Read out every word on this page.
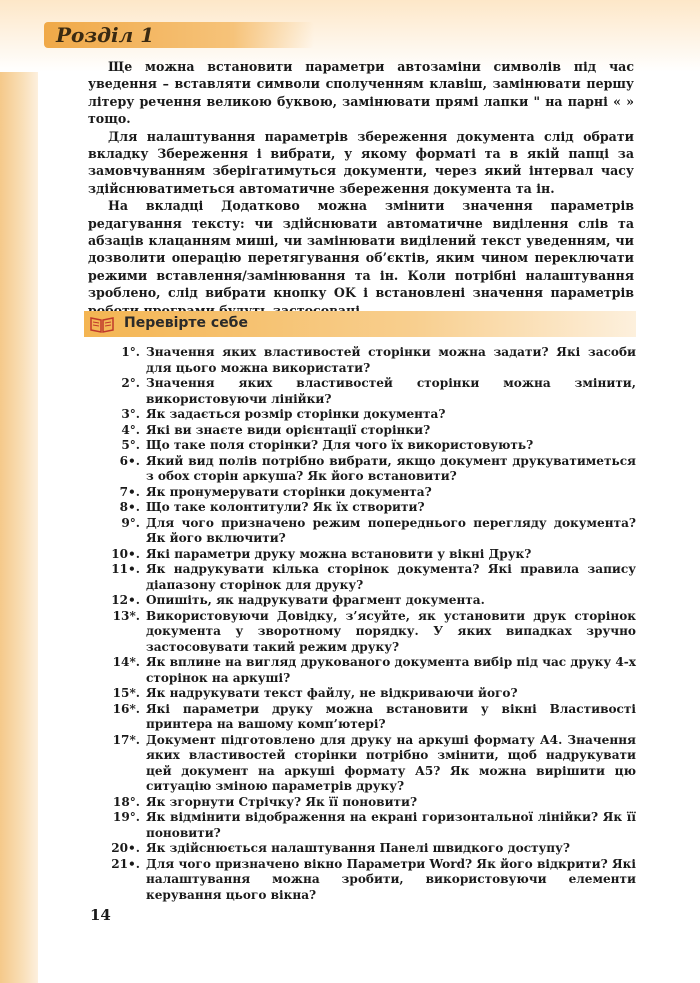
Розділ 1

Ще можна встановити параметри автозаміни символів під час уведення – вставляти символи сполученням клавіш, замінювати першу літеру речення великою буквою, замінювати прямі лапки " на парні « » тощо.

Для налаштування параметрів збереження документа слід обрати вкладку Збереження і вибрати, у якому форматі та в якій папці за замовчуванням зберігатимуться документи, через який інтервал часу здійснюватиметься автоматичне збереження документа та ін.

На вкладці Додатково можна змінити значення параметрів редагування тексту: чи здійснювати автоматичне виділення слів та абзаців клацанням миші, чи замінювати виділений текст уведенням, чи дозволити операцію перетягування об’єктів, яким чином переключати режими вставлення/замінювання та ін. Коли потрібні налаштування зроблено, слід вибрати кнопку OK і встановлені значення параметрів

Перевірте себе
1°. Значення яких властивостей сторінки можна задати? Які засоби для цього можна використати?
2°. Значення яких властивостей сторінки можна змінити, використовуючи лінійки?
3°. Як задається розмір сторінки документа?
4°. Які ви знаєте види орієнтації сторінки?
5°. Що таке поля сторінки? Для чого їх використовують?
6•. Який вид полів потрібно вибрати, якщо документ друкуватиметься з обох сторін аркуша? Як його встановити?
7•. Як пронумерувати сторінки документа?
8•. Що таке колонтитули? Як їх створити?
9°. Для чого призначено режим попереднього перегляду документа? Як його включити?
10•. Які параметри друку можна встановити у вікні Друк?
11•. Як надрукувати кілька сторінок документа? Які правила запису діапазону сторінок для друку?
12•. Опишіть, як надрукувати фрагмент документа.
13*. Використовуючи Довідку, з’ясуйте, як установити друк сторінок документа у зворотному порядку. У яких випадках зручно застосовувати такий режим друку?
14*. Як вплине на вигляд друкованого документа вибір під час друку 4-х сторінок на аркуші?
15*. Як надрукувати текст файлу, не відкриваючи його?
16*. Які параметри друку можна встановити у вікні Властивості принтера на вашому комп’ютері?
17*. Документ підготовлено для друку на аркуші формату А4. Значення яких властивостей сторінки потрібно змінити, щоб надрукувати цей документ на аркуші формату А5? Як можна вирішити цю ситуацію зміною параметрів друку?
18°. Як згорнути Стрічку? Як її поновити?
19°. Як відмінити відображення на екрані горизонтальної лінійки? Як її поновити?
20•. Як здійснюється налаштування Панелі швидкого доступу?
21•. Для чого призначено вікно Параметри Word? Як його відкрити? Які налаштування можна зробити, використовуючи елементи керування цього вікна?
14
